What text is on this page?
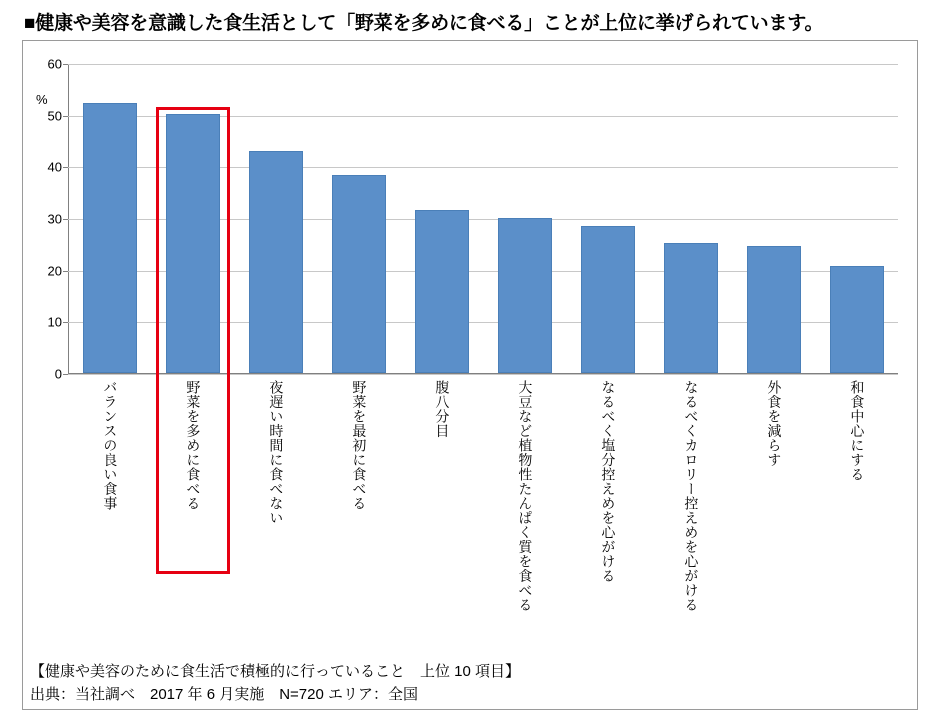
■健康や美容を意識した食生活として「野菜を多めに食べる」ことが上位に挙げられています。
0
10
20
30
40
50
60
%
バランスの良い食事	野菜を多めに食べる	夜遅い時間に食べない	野菜を最初に食べる	腹八分目	大豆など植物性たんぱく質を食べる	なるべく塩分控えめを心がける	なるべくカロリー控えめを心がける	外食を減らす	和食中心にする
【健康や美容のために食生活で積極的に行っていること　上位 10 項目】
出典：当社調べ　2017 年 6 月実施　N=720 エリア：全国
